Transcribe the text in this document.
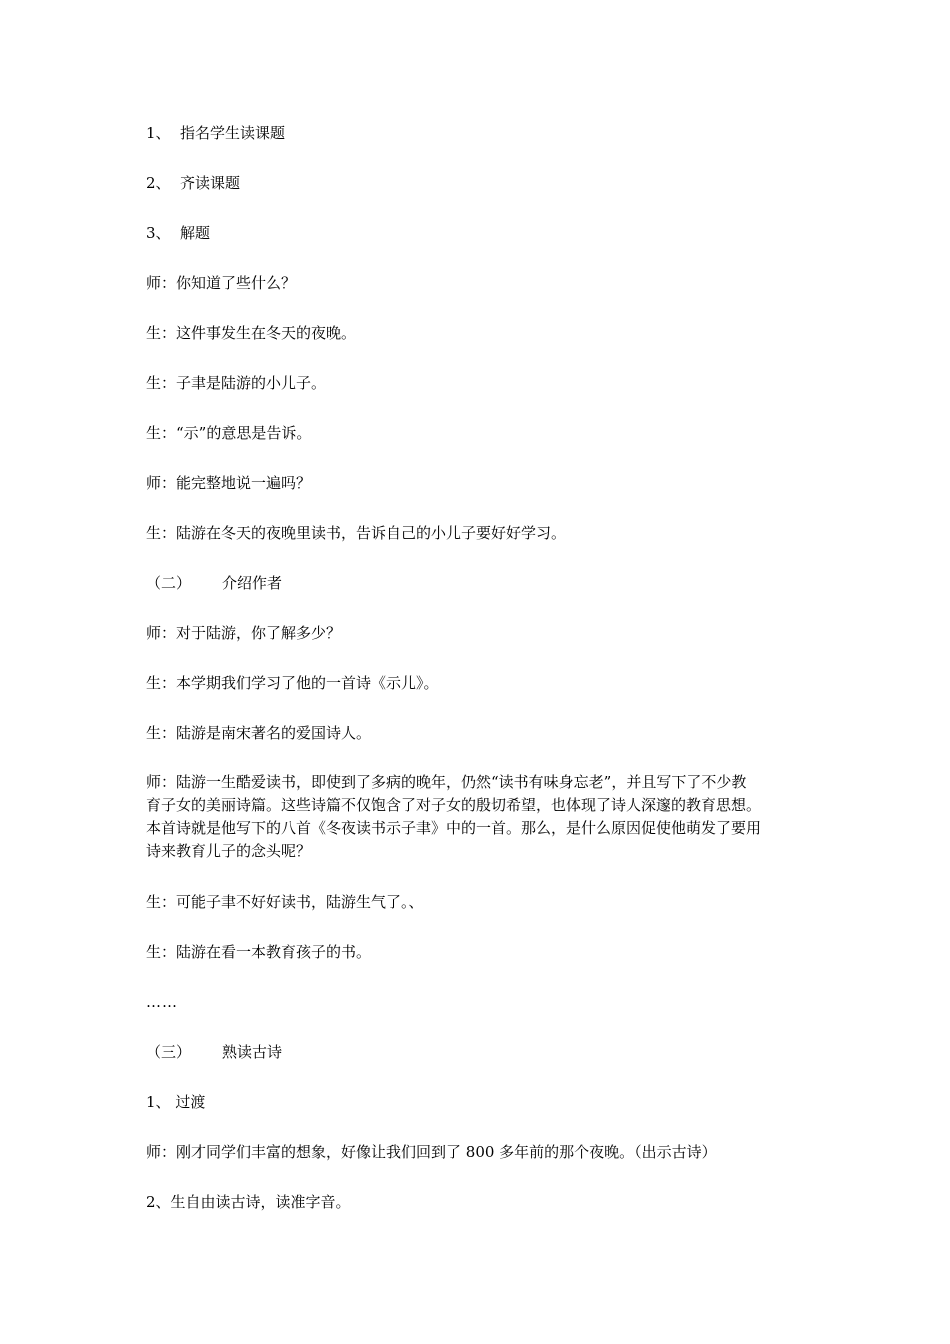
1、 指名学生读课题

2、 齐读课题

3、 解题

师：你知道了些什么？

生：这件事发生在冬天的夜晚。

生：子聿是陆游的小儿子。

生：“示”的意思是告诉。

师：能完整地说一遍吗？

生：陆游在冬天的夜晚里读书，告诉自己的小儿子要好好学习。

（二） 介绍作者

师：对于陆游，你了解多少？

生：本学期我们学习了他的一首诗《示儿》。

生：陆游是南宋著名的爱国诗人。

师：陆游一生酷爱读书，即使到了多病的晚年，仍然“读书有味身忘老”，并且写下了不少教
育子女的美丽诗篇。这些诗篇不仅饱含了对子女的殷切希望，也体现了诗人深邃的教育思想。
本首诗就是他写下的八首《冬夜读书示子聿》中的一首。那么，是什么原因促使他萌发了要用
诗来教育儿子的念头呢？

生：可能子聿不好好读书，陆游生气了。、

生：陆游在看一本教育孩子的书。

……

（三） 熟读古诗

1、 过渡

师：刚才同学们丰富的想象，好像让我们回到了 800 多年前的那个夜晚。（出示古诗）

2、生自由读古诗，读准字音。
